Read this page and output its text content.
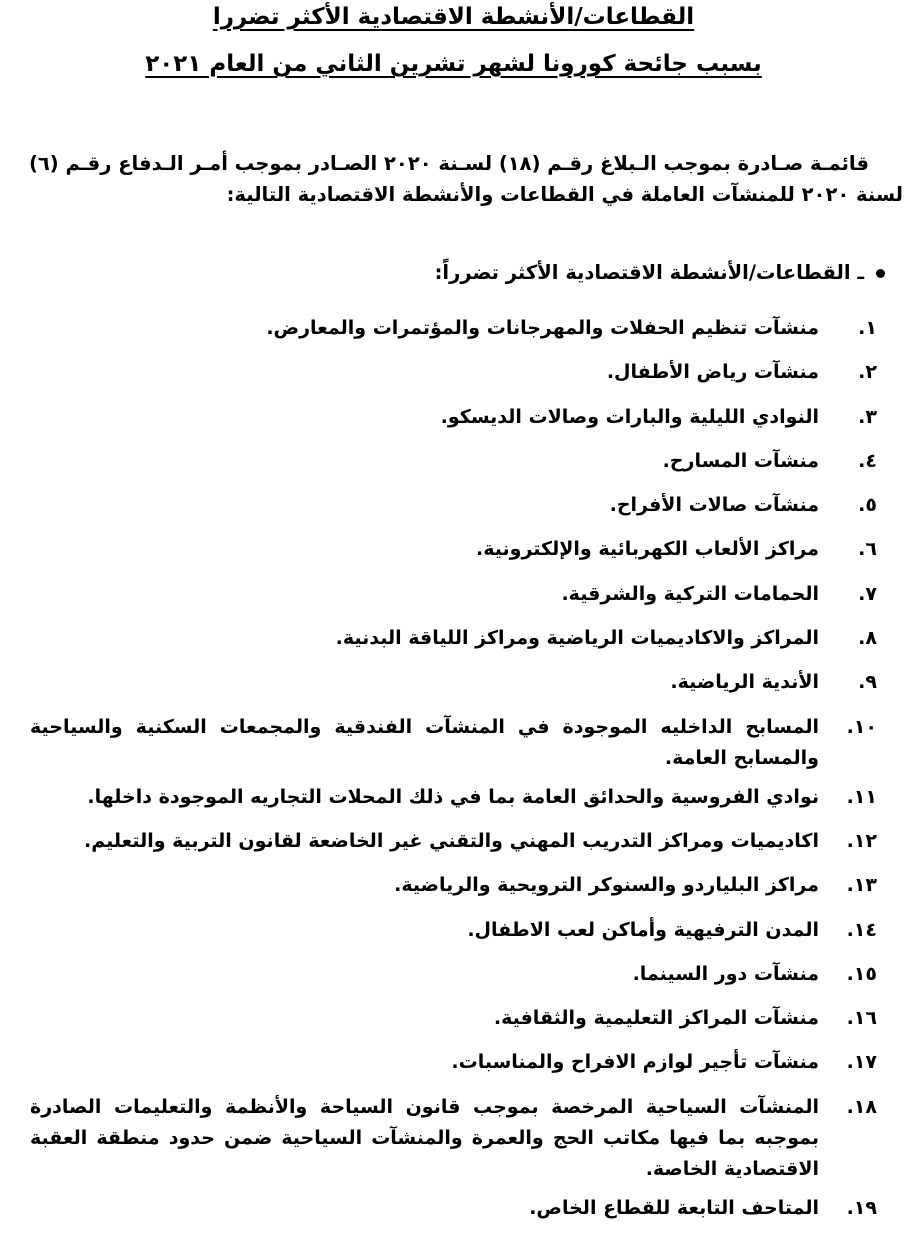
القطاعات/الأنشطة الاقتصادية الأكثر تضررا
بسبب جائحة كورونا لشهر تشرين الثاني من العام ٢٠٢١
قائمـة صـادرة بموجب الـبلاغ رقـم (١٨) لسـنة ٢٠٢٠ الصـادر بموجب أمـر الـدفاع رقـم (٦)
لسنة ٢٠٢٠ للمنشآت العاملة في القطاعات والأنشطة الاقتصادية التالية:
ـ القطاعات/الأنشطة الاقتصادية الأكثر تضرراً:
١.
منشآت تنظيم الحفلات والمهرجانات والمؤتمرات والمعارض.
٢.
منشآت رياض الأطفال.
٣.
النوادي الليلية والبارات وصالات الديسكو.
٤.
منشآت المسارح.
٥.
منشآت صالات الأفراح.
٦.
مراكز الألعاب الكهربائية والإلكترونية.
٧.
الحمامات التركية والشرقية.
٨.
المراكز والاكاديميات الرياضية ومراكز اللياقة البدنية.
٩.
الأندية الرياضية.
١٠.
المسابح الداخليه الموجودة في المنشآت الفندقية والمجمعات السكنية والسياحية والمسابح العامة.
١١.
نوادي الفروسية والحدائق العامة بما في ذلك المحلات التجاريه الموجودة داخلها.
١٢.
اكاديميات ومراكز التدريب المهني والتقني غير الخاضعة لقانون التربية والتعليم.
١٣.
مراكز البلياردو والسنوكر الترويحية والرياضية.
١٤.
المدن الترفيهية وأماكن لعب الاطفال.
١٥.
منشآت دور السينما.
١٦.
منشآت المراكز التعليمية والثقافية.
١٧.
منشآت تأجير لوازم الافراح والمناسبات.
١٨.
المنشآت السياحية المرخصة بموجب قانون السياحة والأنظمة والتعليمات الصادرة بموجبه بما فيها مكاتب الحج والعمرة والمنشآت السياحية ضمن حدود منطقة العقبة الاقتصادية الخاصة.
١٩.
المتاحف التابعة للقطاع الخاص.
